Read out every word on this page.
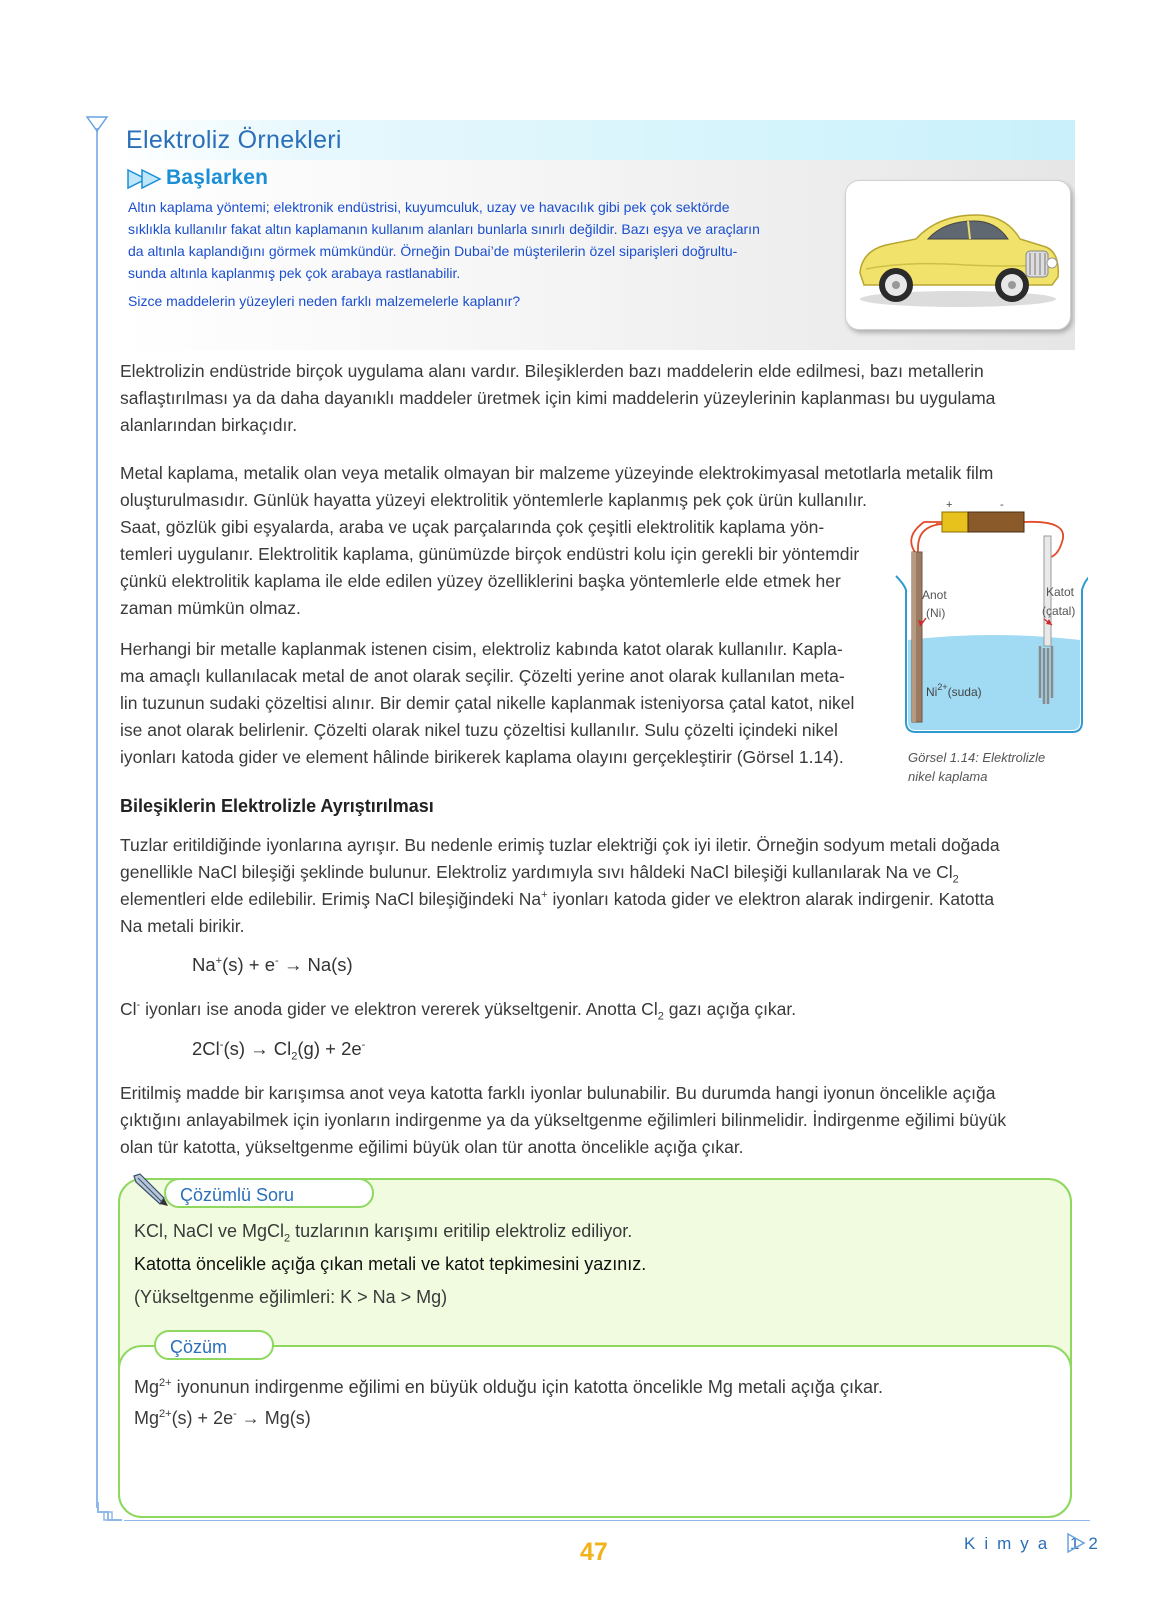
Elektroliz Örnekleri
Başlarken
Altın kaplama yöntemi; elektronik endüstrisi, kuyumculuk, uzay ve havacılık gibi pek çok sektörde
sıklıkla kullanılır fakat altın kaplamanın kullanım alanları bunlarla sınırlı değildir. Bazı eşya ve araçların
da altınla kaplandığını görmek mümkündür. Örneğin Dubai’de müşterilerin özel siparişleri doğrultu-
sunda altınla kaplanmış pek çok arabaya rastlanabilir.
Sizce maddelerin yüzeyleri neden farklı malzemelerle kaplanır?
Elektrolizin endüstride birçok uygulama alanı vardır. Bileşiklerden bazı maddelerin elde edilmesi, bazı metallerin
saflaştırılması ya da daha dayanıklı maddeler üretmek için kimi maddelerin yüzeylerinin kaplanması bu uygulama
alanlarından birkaçıdır.
Metal kaplama, metalik olan veya metalik olmayan bir malzeme yüzeyinde elektrokimyasal metotlarla metalik film
oluşturulmasıdır. Günlük hayatta yüzeyi elektrolitik yöntemlerle kaplanmış pek çok ürün kullanılır.
Saat, gözlük gibi eşyalarda, araba ve uçak parçalarında çok çeşitli elektrolitik kaplama yön-
temleri uygulanır. Elektrolitik kaplama, günümüzde birçok endüstri kolu için gerekli bir yöntemdir
çünkü elektrolitik kaplama ile elde edilen yüzey özelliklerini başka yöntemlerle elde etmek her
zaman mümkün olmaz.
Herhangi bir metalle kaplanmak istenen cisim, elektroliz kabında katot olarak kullanılır. Kapla-
ma amaçlı kullanılacak metal de anot olarak seçilir. Çözelti yerine anot olarak kullanılan meta-
lin tuzunun sudaki çözeltisi alınır. Bir demir çatal nikelle kaplanmak isteniyorsa çatal katot, nikel
ise anot olarak belirlenir. Çözelti olarak nikel tuzu çözeltisi kullanılır. Sulu çözelti içindeki nikel
iyonları katoda gider ve element hâlinde birikerek kaplama olayını gerçekleştirir (Görsel 1.14).
+	-
Anot
(Ni)
Katot
(çatal)
$Ni^{2+}(suda)$
Görsel 1.14: Elektrolizle
nikel kaplama
Bileşiklerin Elektrolizle Ayrıştırılması
Tuzlar eritildiğinde iyonlarına ayrışır. Bu nedenle erimiş tuzlar elektriği çok iyi iletir. Örneğin sodyum metali doğada
genellikle NaCl bileşiği şeklinde bulunur. Elektroliz yardımıyla sıvı hâldeki NaCl bileşiği kullanılarak Na ve $Cl_2$
elementleri elde edilebilir. Erimiş NaCl bileşiğindeki Na+ iyonları katoda gider ve elektron alarak indirgenir. Katotta
Na metali birikir.
Na+(s) + e- → Na(s)
Cl- iyonları ise anoda gider ve elektron vererek yükseltgenir. Anotta $Cl_2$ gazı açığa çıkar.
$2Cl^-(s) \to Cl_2(g) + 2e^-$
Eritilmiş madde bir karışımsa anot veya katotta farklı iyonlar bulunabilir. Bu durumda hangi iyonun öncelikle açığa
çıktığını anlayabilmek için iyonların indirgenme ya da yükseltgenme eğilimleri bilinmelidir. İndirgenme eğilimi büyük
olan tür katotta, yükseltgenme eğilimi büyük olan tür anotta öncelikle açığa çıkar.
Çözümlü Soru
KCl, NaCl ve MgCl$_2$ tuzlarının karışımı eritilip elektroliz ediliyor.
Katotta öncelikle açığa çıkan metali ve katot tepkimesini yazınız.
(Yükseltgenme eğilimleri: K > Na > Mg)
Çözüm
$Mg^{2+}$ iyonunun indirgenme eğilimi en büyük olduğu için katotta öncelikle Mg metali açığa çıkar.
$Mg^{2+}(s) + 2e^- \to Mg(s)$
47	Kimya 12
